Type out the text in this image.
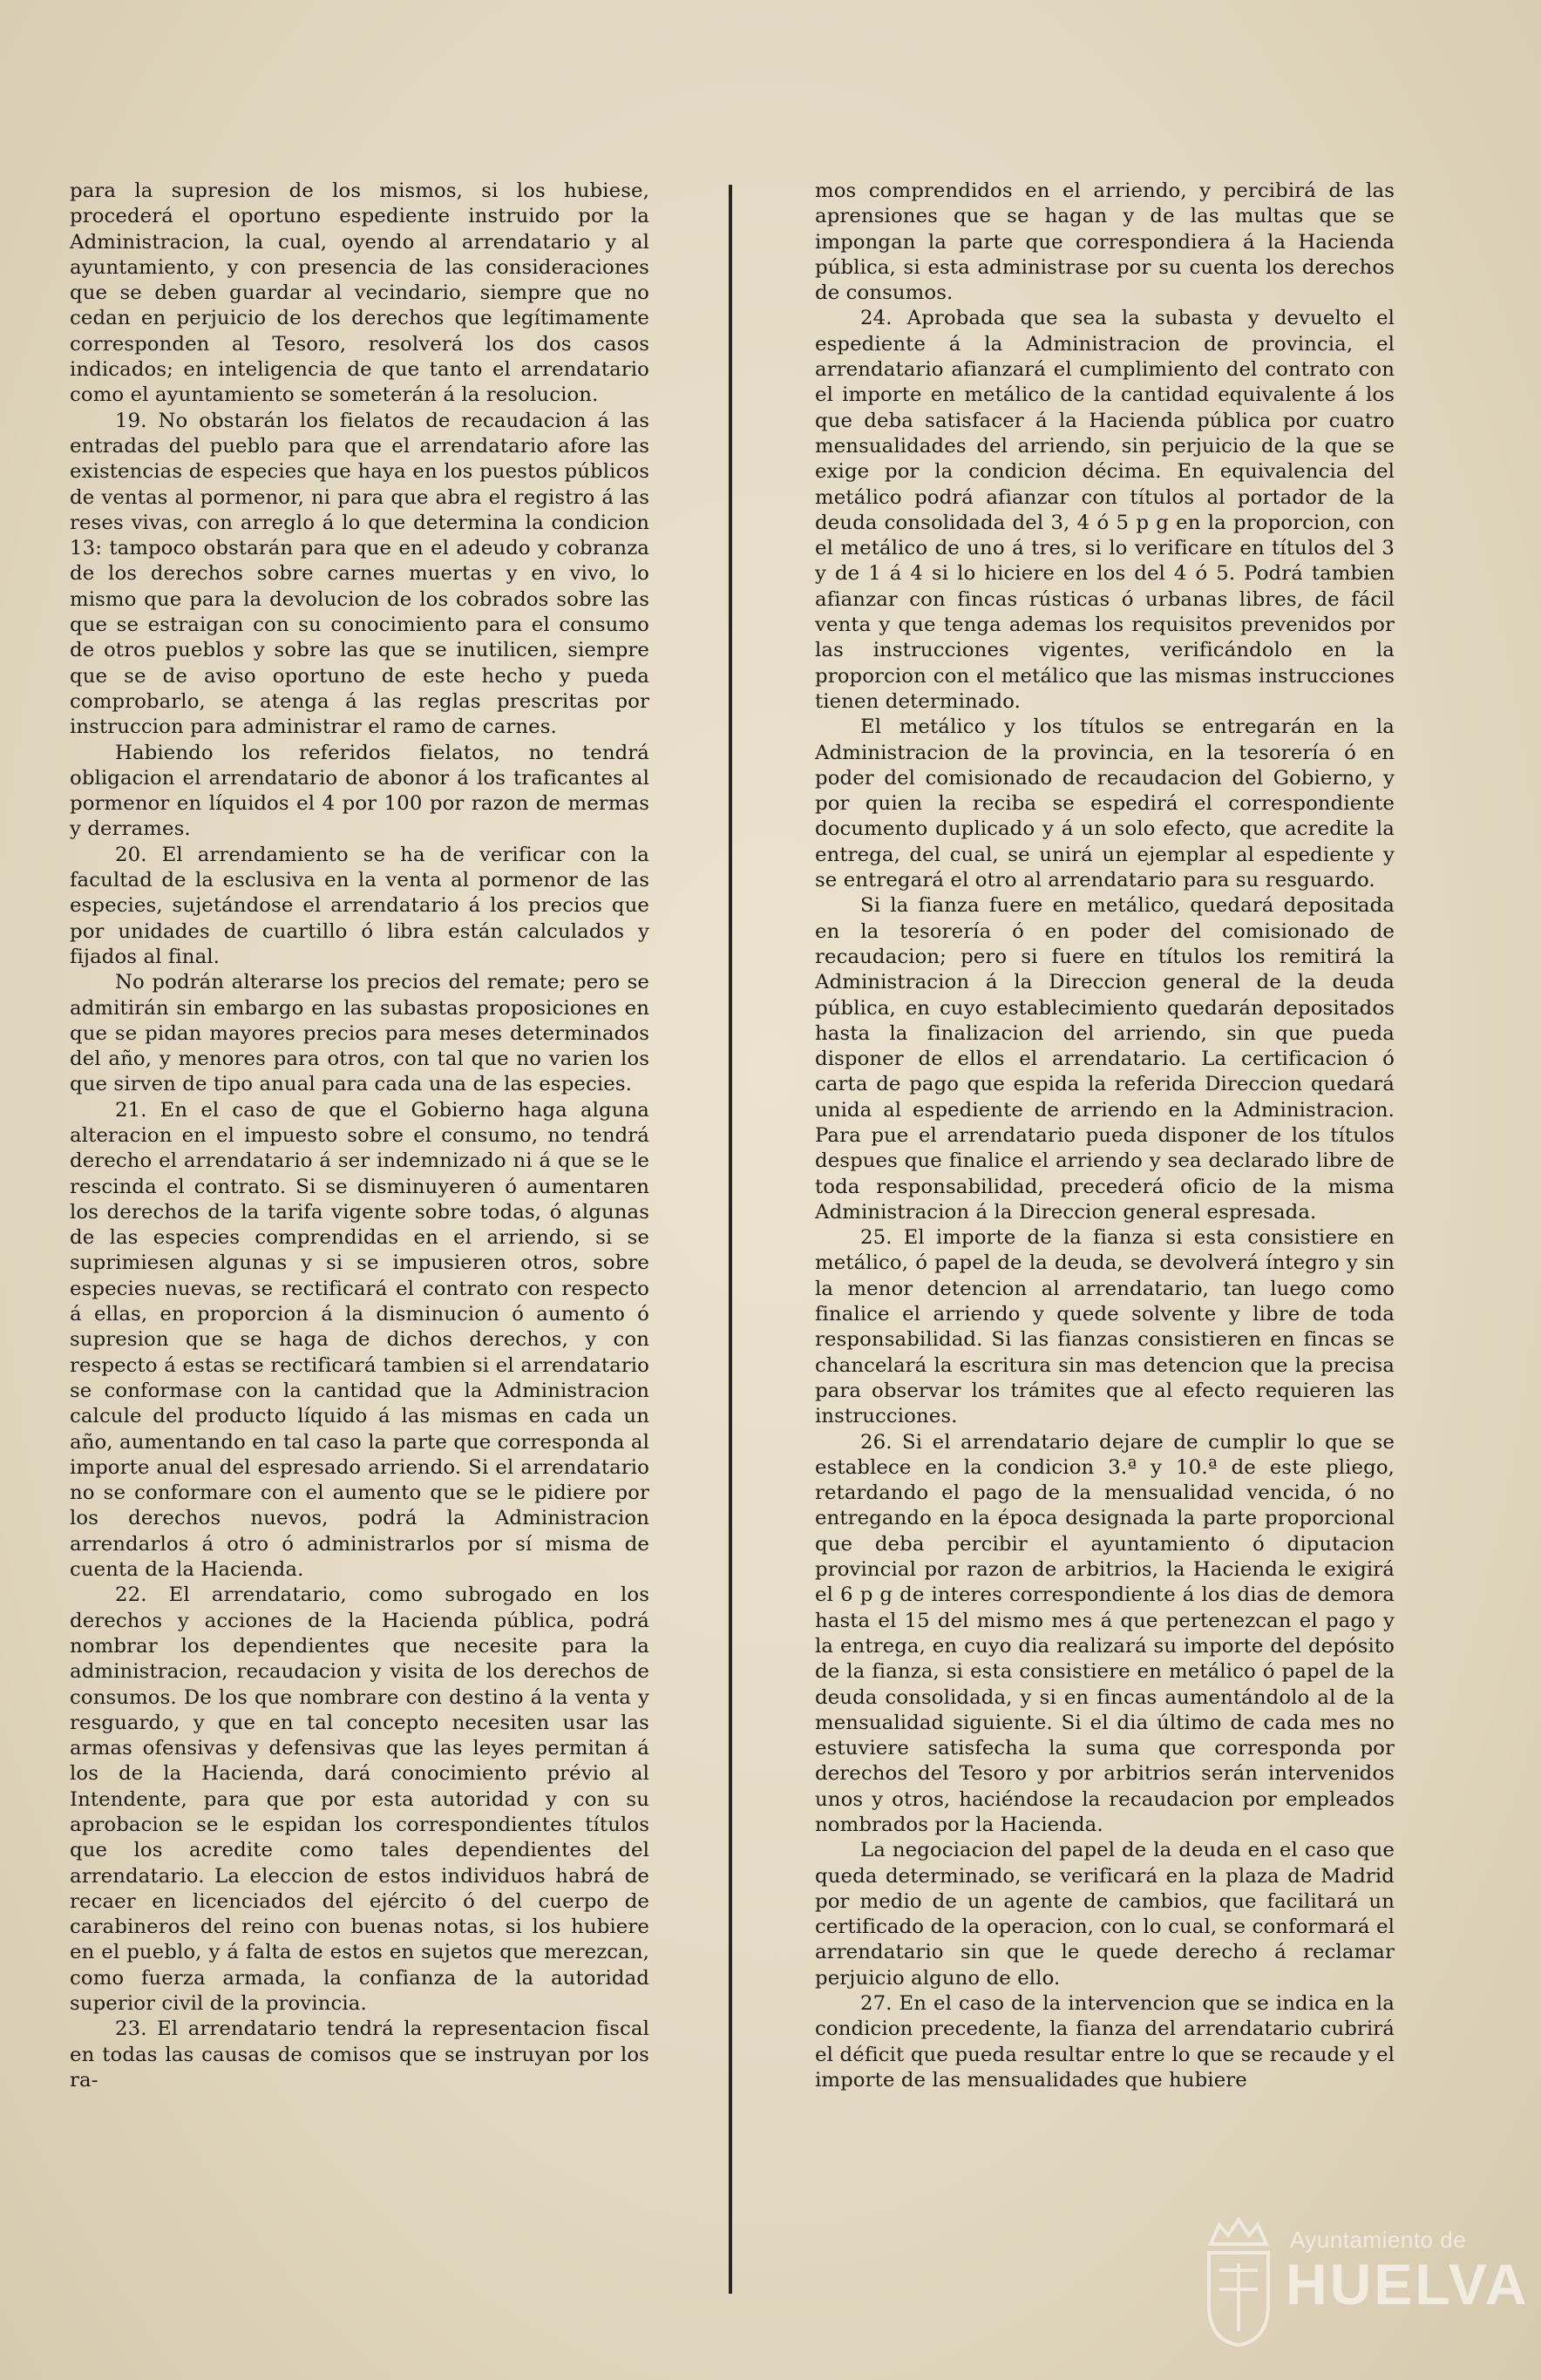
para la supresion de los mismos, si los hubiese, procederá el oportuno espediente instruido por la Administracion, la cual, oyendo al arrendatario y al ayuntamiento, y con presencia de las consideraciones que se deben guardar al vecindario, siempre que no cedan en perjuicio de los derechos que legítimamente corresponden al Tesoro, resolverá los dos casos indicados; en inteligencia de que tanto el arrendatario como el ayuntamiento se someterán á la resolucion.

19. No obstarán los fielatos de recaudacion á las entradas del pueblo para que el arrendatario afore las existencias de especies que haya en los puestos públicos de ventas al pormenor, ni para que abra el registro á las reses vivas, con arreglo á lo que determina la condicion 13: tampoco obstarán para que en el adeudo y cobranza de los derechos sobre carnes muertas y en vivo, lo mismo que para la devolucion de los cobrados sobre las que se estraigan con su conocimiento para el consumo de otros pueblos y sobre las que se inutilicen, siempre que se de aviso oportuno de este hecho y pueda comprobarlo, se atenga á las reglas prescritas por instruccion para administrar el ramo de carnes.

Habiendo los referidos fielatos, no tendrá obligacion el arrendatario de abonor á los traficantes al pormenor en líquidos el 4 por 100 por razon de mermas y derrames.

20. El arrendamiento se ha de verificar con la facultad de la esclusiva en la venta al pormenor de las especies, sujetándose el arrendatario á los precios que por unidades de cuartillo ó libra están calculados y fijados al final.

No podrán alterarse los precios del remate; pero se admitirán sin embargo en las subastas proposiciones en que se pidan mayores precios para meses determinados del año, y menores para otros, con tal que no varien los que sirven de tipo anual para cada una de las especies.

21. En el caso de que el Gobierno haga alguna alteracion en el impuesto sobre el consumo, no tendrá derecho el arrendatario á ser indemnizado ni á que se le rescinda el contrato. Si se disminuyeren ó aumentaren los derechos de la tarifa vigente sobre todas, ó algunas de las especies comprendidas en el arriendo, si se suprimiesen algunas y si se impusieren otros, sobre especies nuevas, se rectificará el contrato con respecto á ellas, en proporcion á la disminucion ó aumento ó supresion que se haga de dichos derechos, y con respecto á estas se rectificará tambien si el arrendatario se conformase con la cantidad que la Administracion calcule del producto líquido á las mismas en cada un año, aumentando en tal caso la parte que corresponda al importe anual del espresado arriendo. Si el arrendatario no se conformare con el aumento que se le pidiere por los derechos nuevos, podrá la Administracion arrendarlos á otro ó administrarlos por sí misma de cuenta de la Hacienda.

22. El arrendatario, como subrogado en los derechos y acciones de la Hacienda pública, podrá nombrar los dependientes que necesite para la administracion, recaudacion y visita de los derechos de consumos. De los que nombrare con destino á la venta y resguardo, y que en tal concepto necesiten usar las armas ofensivas y defensivas que las leyes permitan á los de la Hacienda, dará conocimiento prévio al Intendente, para que por esta autoridad y con su aprobacion se le espidan los correspondientes títulos que los acredite como tales dependientes del arrendatario. La eleccion de estos individuos habrá de recaer en licenciados del ejército ó del cuerpo de carabineros del reino con buenas notas, si los hubiere en el pueblo, y á falta de estos en sujetos que merezcan, como fuerza armada, la confianza de la autoridad superior civil de la provincia.

23. El arrendatario tendrá la representacion fiscal en todas las causas de comisos que se instruyan por los ra-

mos comprendidos en el arriendo, y percibirá de las aprensiones que se hagan y de las multas que se impongan la parte que correspondiera á la Hacienda pública, si esta administrase por su cuenta los derechos de consumos.

24. Aprobada que sea la subasta y devuelto el espediente á la Administracion de provincia, el arrendatario afianzará el cumplimiento del contrato con el importe en metálico de la cantidad equivalente á los que deba satisfacer á la Hacienda pública por cuatro mensualidades del arriendo, sin perjuicio de la que se exige por la condicion décima. En equivalencia del metálico podrá afianzar con títulos al portador de la deuda consolidada del 3, 4 ó 5 p g en la proporcion, con el metálico de uno á tres, si lo verificare en títulos del 3 y de 1 á 4 si lo hiciere en los del 4 ó 5. Podrá tambien afianzar con fincas rústicas ó urbanas libres, de fácil venta y que tenga ademas los requisitos prevenidos por las instrucciones vigentes, verificándolo en la proporcion con el metálico que las mismas instrucciones tienen determinado.

El metálico y los títulos se entregarán en la Administracion de la provincia, en la tesorería ó en poder del comisionado de recaudacion del Gobierno, y por quien la reciba se espedirá el correspondiente documento duplicado y á un solo efecto, que acredite la entrega, del cual, se unirá un ejemplar al espediente y se entregará el otro al arrendatario para su resguardo.

Si la fianza fuere en metálico, quedará depositada en la tesorería ó en poder del comisionado de recaudacion; pero si fuere en títulos los remitirá la Administracion á la Direccion general de la deuda pública, en cuyo establecimiento quedarán depositados hasta la finalizacion del arriendo, sin que pueda disponer de ellos el arrendatario. La certificacion ó carta de pago que espida la referida Direccion quedará unida al espediente de arriendo en la Administracion. Para pue el arrendatario pueda disponer de los títulos despues que finalice el arriendo y sea declarado libre de toda responsabilidad, precederá oficio de la misma Administracion á la Direccion general espresada.

25. El importe de la fianza si esta consistiere en metálico, ó papel de la deuda, se devolverá íntegro y sin la menor detencion al arrendatario, tan luego como finalice el arriendo y quede solvente y libre de toda responsabilidad. Si las fianzas consistieren en fincas se chancelará la escritura sin mas detencion que la precisa para observar los trámites que al efecto requieren las instrucciones.

26. Si el arrendatario dejare de cumplir lo que se establece en la condicion 3.ª y 10.ª de este pliego, retardando el pago de la mensualidad vencida, ó no entregando en la época designada la parte proporcional que deba percibir el ayuntamiento ó diputacion provincial por razon de arbitrios, la Hacienda le exigirá el 6 p g de interes correspondiente á los dias de demora hasta el 15 del mismo mes á que pertenezcan el pago y la entrega, en cuyo dia realizará su importe del depósito de la fianza, si esta consistiere en metálico ó papel de la deuda consolidada, y si en fincas aumentándolo al de la mensualidad siguiente. Si el dia último de cada mes no estuviere satisfecha la suma que corresponda por derechos del Tesoro y por arbitrios serán intervenidos unos y otros, haciéndose la recaudacion por empleados nombrados por la Hacienda.

La negociacion del papel de la deuda en el caso que queda determinado, se verificará en la plaza de Madrid por medio de un agente de cambios, que facilitará un certificado de la operacion, con lo cual, se conformará el arrendatario sin que le quede derecho á reclamar perjuicio alguno de ello.

27. En el caso de la intervencion que se indica en la condicion precedente, la fianza del arrendatario cubrirá el déficit que pueda resultar entre lo que se recaude y el importe de las mensualidades que hubiere

Ayuntamiento de
HUELVA
